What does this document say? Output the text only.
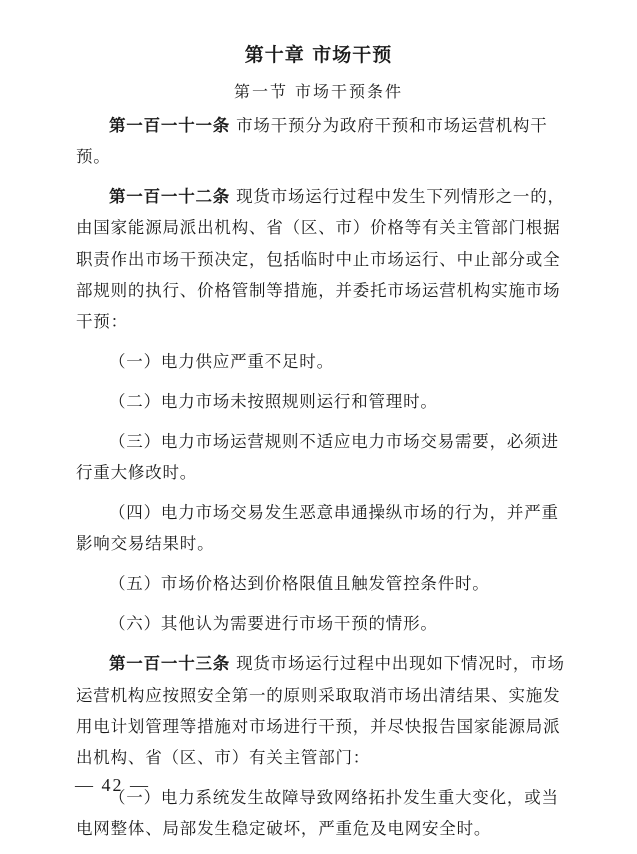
第十章 市场干预
第一节 市场干预条件

第一百一十一条 市场干预分为政府干预和市场运营机构干预。

第一百一十二条 现货市场运行过程中发生下列情形之一的，由国家能源局派出机构、省（区、市）价格等有关主管部门根据职责作出市场干预决定，包括临时中止市场运行、中止部分或全部规则的执行、价格管制等措施，并委托市场运营机构实施市场干预：

（一）电力供应严重不足时。

（二）电力市场未按照规则运行和管理时。

（三）电力市场运营规则不适应电力市场交易需要，必须进行重大修改时。

（四）电力市场交易发生恶意串通操纵市场的行为，并严重影响交易结果时。

（五）市场价格达到价格限值且触发管控条件时。

（六）其他认为需要进行市场干预的情形。

第一百一十三条 现货市场运行过程中出现如下情况时，市场运营机构应按照安全第一的原则采取取消市场出清结果、实施发用电计划管理等措施对市场进行干预，并尽快报告国家能源局派出机构、省（区、市）有关主管部门：

（一）电力系统发生故障导致网络拓扑发生重大变化，或当电网整体、局部发生稳定破坏，严重危及电网安全时。

— 42 —
